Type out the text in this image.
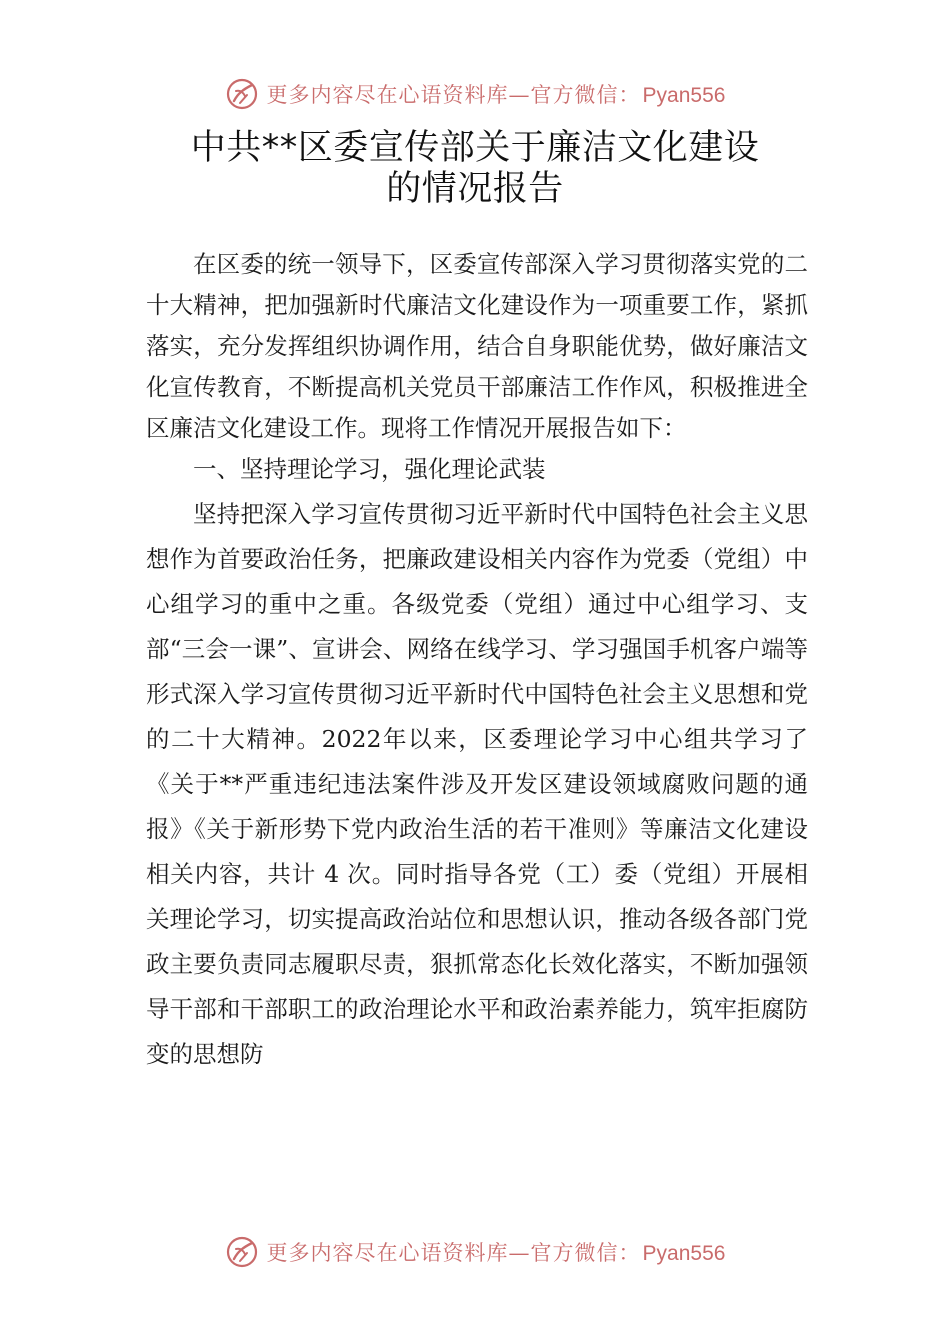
更多内容尽在心语资料库—官方微信：Pyan556
中共**区委宣传部关于廉洁文化建设
的情况报告

在区委的统一领导下，区委宣传部深入学习贯彻落实党的二十大精神，把加强新时代廉洁文化建设作为一项重要工作，紧抓落实，充分发挥组织协调作用，结合自身职能优势，做好廉洁文化宣传教育，不断提高机关党员干部廉洁工作作风，积极推进全区廉洁文化建设工作。现将工作情况开展报告如下：

一、坚持理论学习，强化理论武装

坚持把深入学习宣传贯彻习近平新时代中国特色社会主义思想作为首要政治任务，把廉政建设相关内容作为党委（党组）中心组学习的重中之重。各级党委（党组）通过中心组学习、支部“三会一课”、宣讲会、网络在线学习、学习强国手机客户端等形式深入学习宣传贯彻习近平新时代中国特色社会主义思想和党的二十大精神。2022年以来，区委理论学习中心组共学习了《关于**严重违纪违法案件涉及开发区建设领域腐败问题的通报》《关于新形势下党内政治生活的若干准则》等廉洁文化建设相关内容，共计 4 次。同时指导各党（工）委（党组）开展相关理论学习，切实提高政治站位和思想认识，推动各级各部门党政主要负责同志履职尽责，狠抓常态化长效化落实，不断加强领导干部和干部职工的政治理论水平和政治素养能力，筑牢拒腐防变的思想防

更多内容尽在心语资料库—官方微信：Pyan556
